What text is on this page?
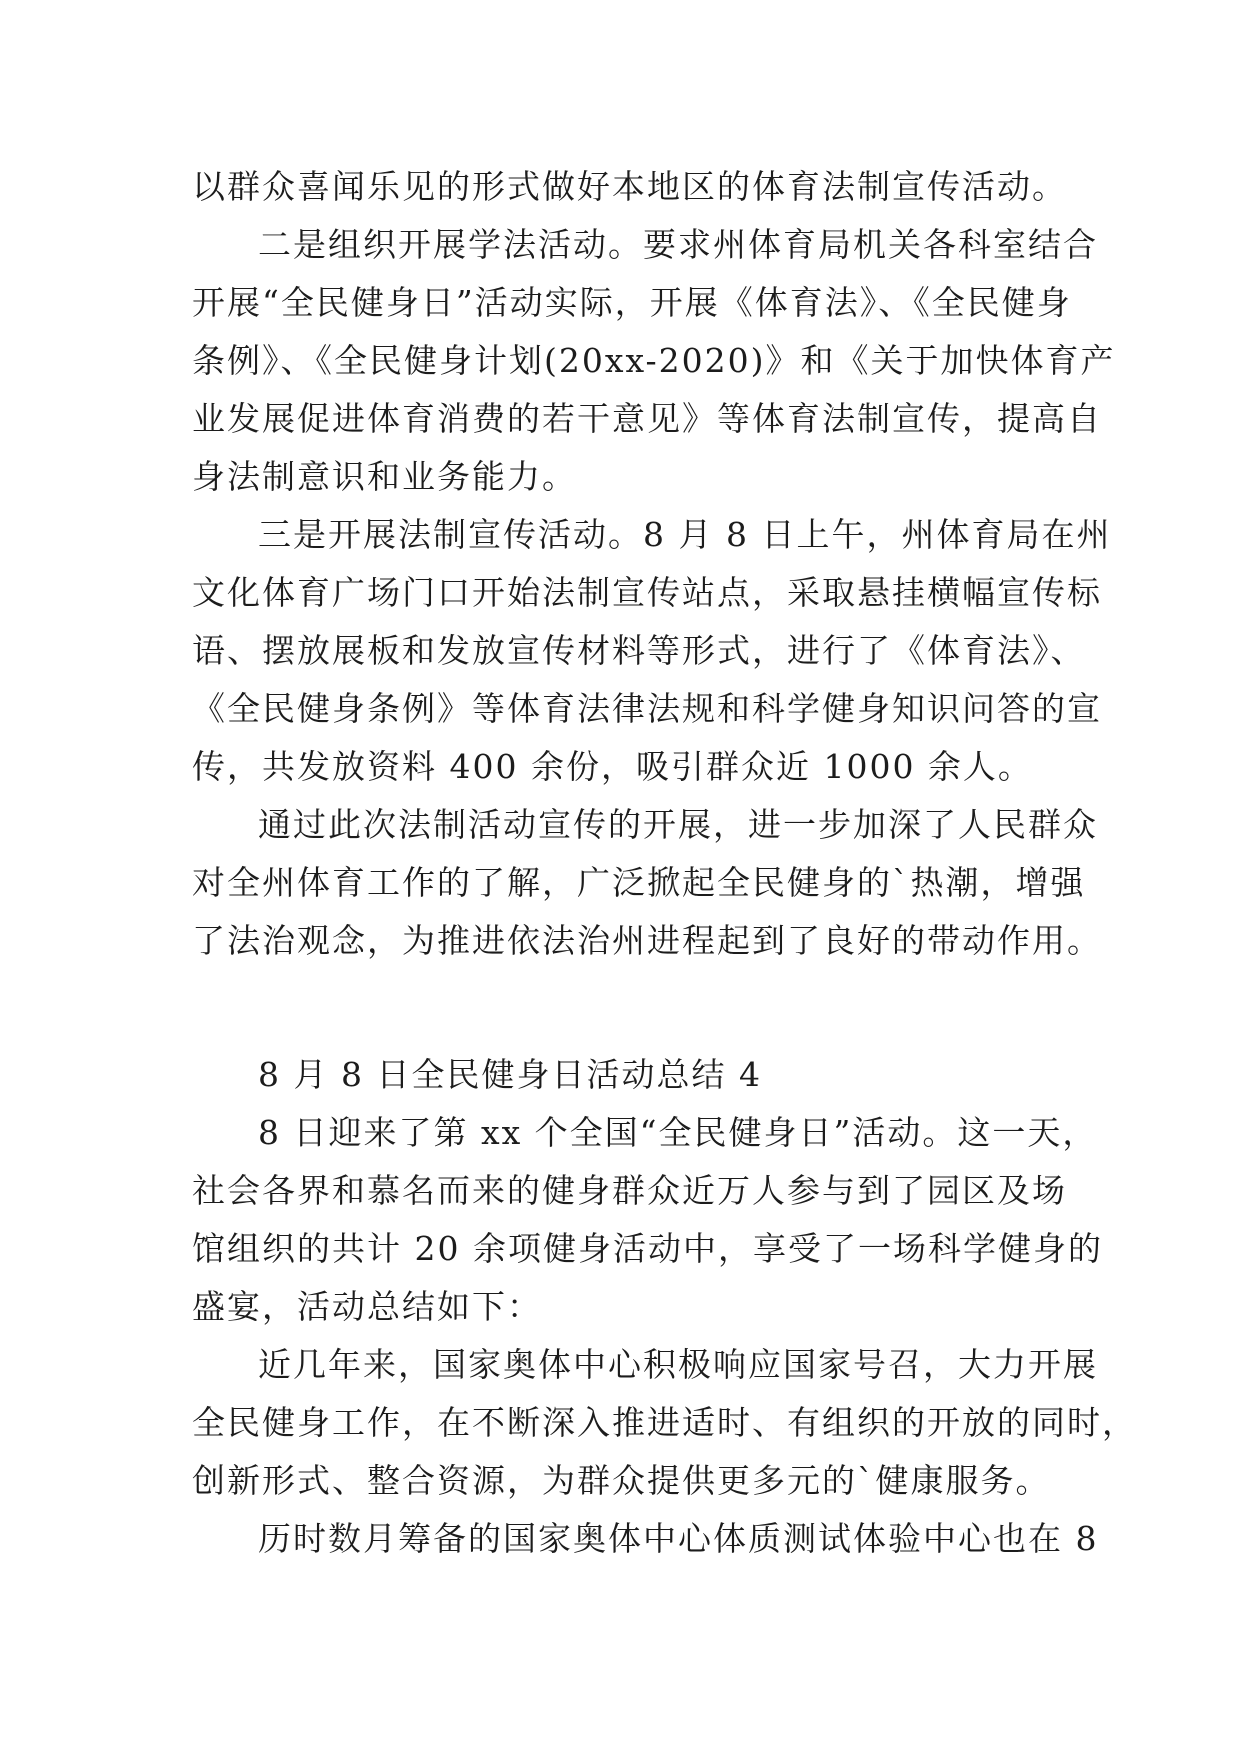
以群众喜闻乐见的形式做好本地区的体育法制宣传活动。
二是组织开展学法活动。要求州体育局机关各科室结合
开展“全民健身日”活动实际，开展《体育法》、《全民健身
条例》、《全民健身计划(20xx-2020)》和《关于加快体育产
业发展促进体育消费的若干意见》等体育法制宣传，提高自
身法制意识和业务能力。
三是开展法制宣传活动。8 月 8 日上午，州体育局在州
文化体育广场门口开始法制宣传站点，采取悬挂横幅宣传标
语、摆放展板和发放宣传材料等形式，进行了《体育法》、
《全民健身条例》等体育法律法规和科学健身知识问答的宣
传，共发放资料 400 余份，吸引群众近 1000 余人。
通过此次法制活动宣传的开展，进一步加深了人民群众
对全州体育工作的了解，广泛掀起全民健身的`热潮，增强
了法治观念，为推进依法治州进程起到了良好的带动作用。
8 月 8 日全民健身日活动总结 4
8 日迎来了第 xx 个全国“全民健身日”活动。这一天，
社会各界和慕名而来的健身群众近万人参与到了园区及场
馆组织的共计 20 余项健身活动中，享受了一场科学健身的
盛宴，活动总结如下：
近几年来，国家奥体中心积极响应国家号召，大力开展
全民健身工作，在不断深入推进适时、有组织的开放的同时，
创新形式、整合资源，为群众提供更多元的`健康服务。
历时数月筹备的国家奥体中心体质测试体验中心也在 8
